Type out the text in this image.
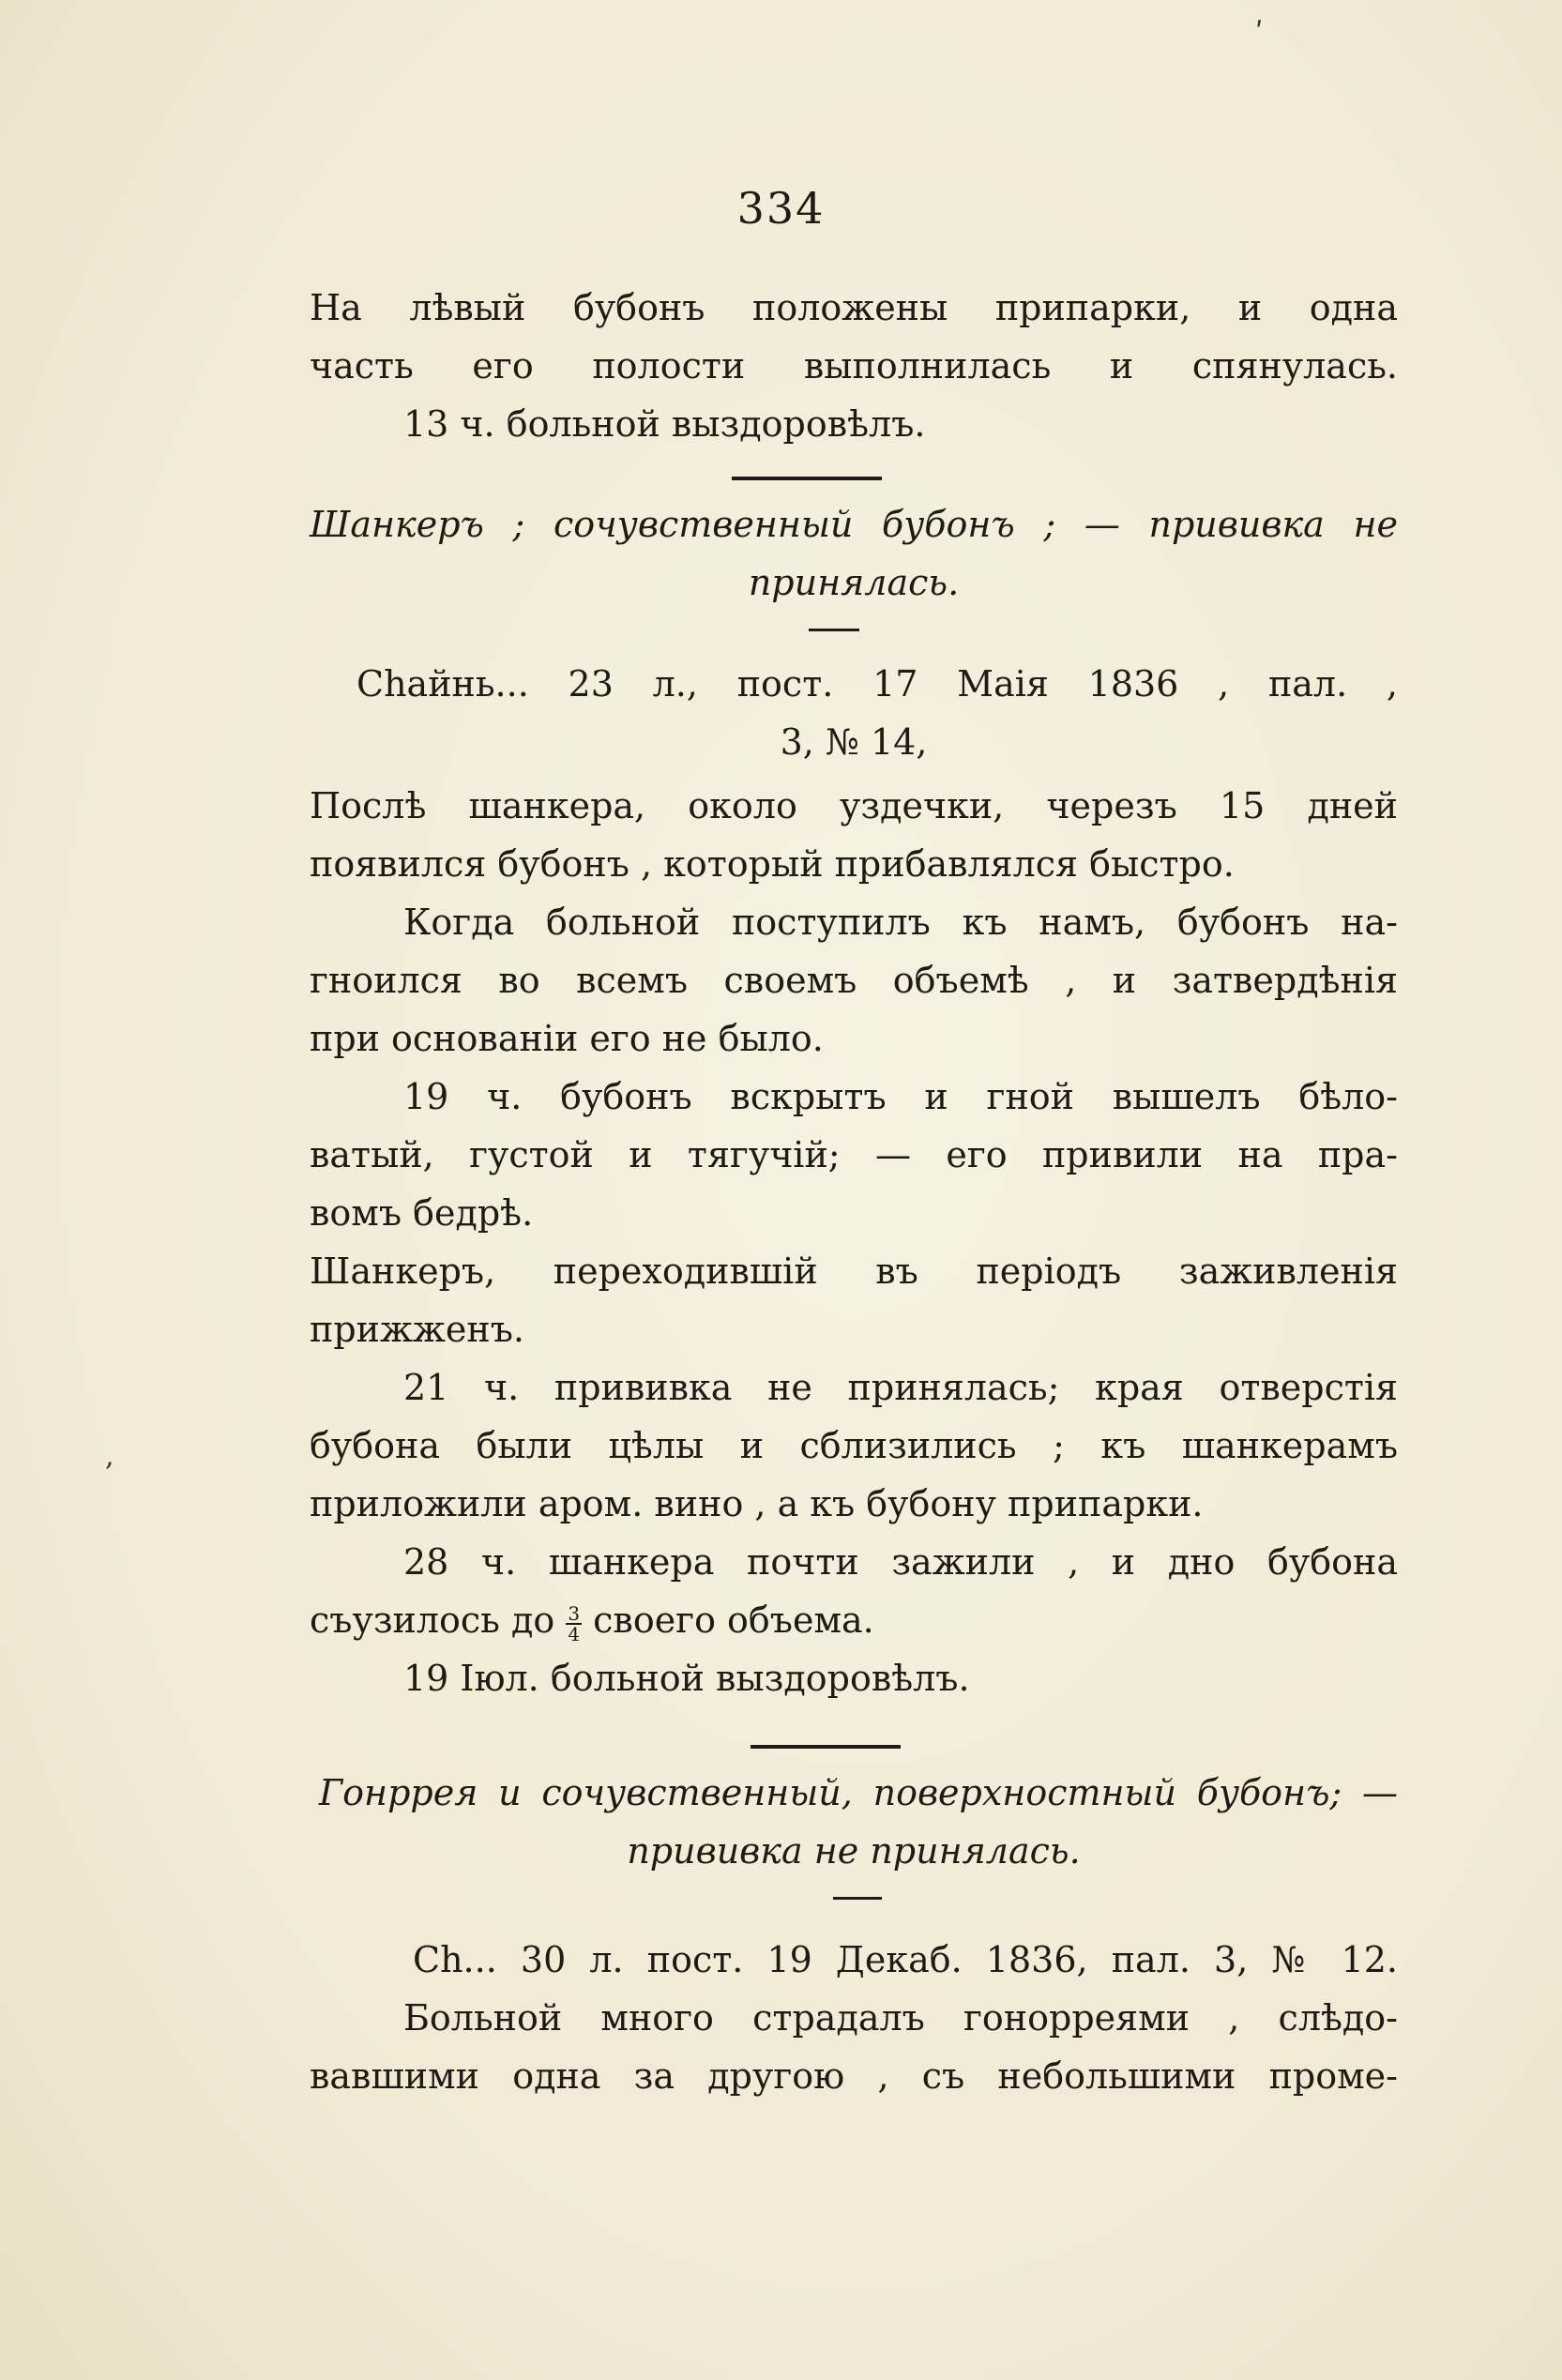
ʹ
,
334
На лѣвый бубонъ положены припарки, и одна
часть его полости выполнилась и спянулась.
13 ч. больной выздоровѣлъ.
Шанкеръ ; сочувственный бубонъ ; — прививка не
принялась.
Сhaйнь... 23 л., пост. 17 Маія 1836 , пал. ,
3, № 14,
Послѣ шанкера, около уздечки, черезъ 15 дней
появился бубонъ , который прибавлялся быстро.
Когда больной поступилъ къ намъ, бубонъ на-
гноился во всемъ своемъ объемѣ , и затвердѣнія
при основаніи его не было.
19 ч. бубонъ вскрытъ и гной вышелъ бѣло-
ватый, густой и тягучій; — его привили на пра-
вомъ бедрѣ.
Шанкеръ, переходившій въ періодъ заживленія
прижженъ.
21 ч. прививка не принялась; края отверстія
бубона были цѣлы и сблизились ; къ шанкерамъ
приложили аром. вино , а къ бубону припарки.
28 ч. шанкера почти зажили , и дно бубона
съузилось до $\frac{3}{4}$ своего объема.
19 Іюл. больной выздоровѣлъ.
Гонррея и сочувственный, поверхностный бубонъ; —
прививка не принялась.
Ch... 30 л. пост. 19 Декаб. 1836, пал. 3, № 12.
Больной много страдалъ гонорреями , слѣдо-
вавшими одна за другою , съ небольшими проме-
